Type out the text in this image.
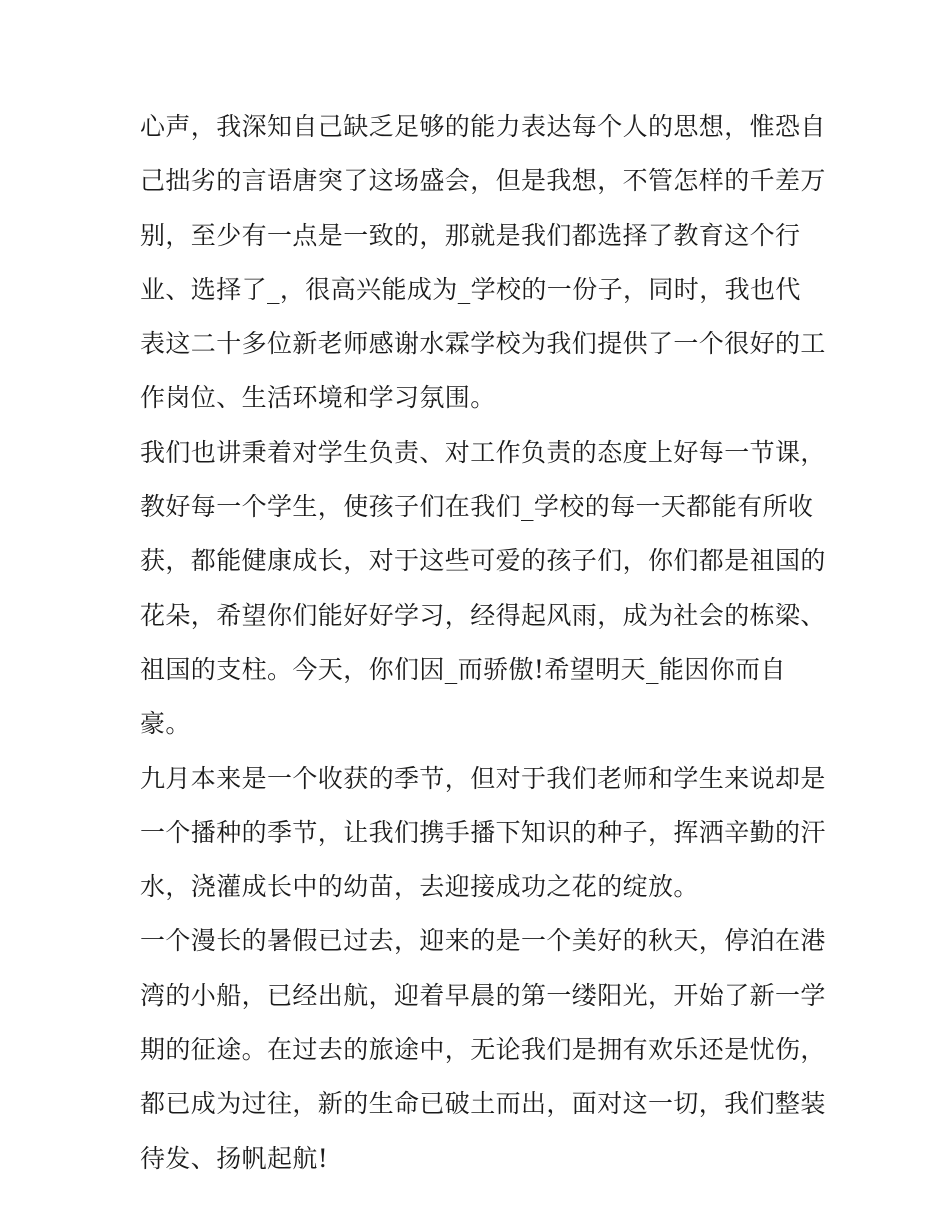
心声，我深知自己缺乏足够的能力表达每个人的思想，惟恐自

己拙劣的言语唐突了这场盛会，但是我想，不管怎样的千差万

别，至少有一点是一致的，那就是我们都选择了教育这个行

业、选择了_，很高兴能成为_学校的一份子，同时，我也代

表这二十多位新老师感谢水霖学校为我们提供了一个很好的工

作岗位、生活环境和学习氛围。

我们也讲秉着对学生负责、对工作负责的态度上好每一节课，

教好每一个学生，使孩子们在我们_学校的每一天都能有所收

获，都能健康成长，对于这些可爱的孩子们，你们都是祖国的

花朵，希望你们能好好学习，经得起风雨，成为社会的栋梁、

祖国的支柱。今天，你们因_而骄傲!希望明天_能因你而自

豪。

九月本来是一个收获的季节，但对于我们老师和学生来说却是

一个播种的季节，让我们携手播下知识的种子，挥洒辛勤的汗

水，浇灌成长中的幼苗，去迎接成功之花的绽放。

一个漫长的暑假已过去，迎来的是一个美好的秋天，停泊在港

湾的小船，已经出航，迎着早晨的第一缕阳光，开始了新一学

期的征途。在过去的旅途中，无论我们是拥有欢乐还是忧伤，

都已成为过往，新的生命已破土而出，面对这一切，我们整装

待发、扬帆起航!
